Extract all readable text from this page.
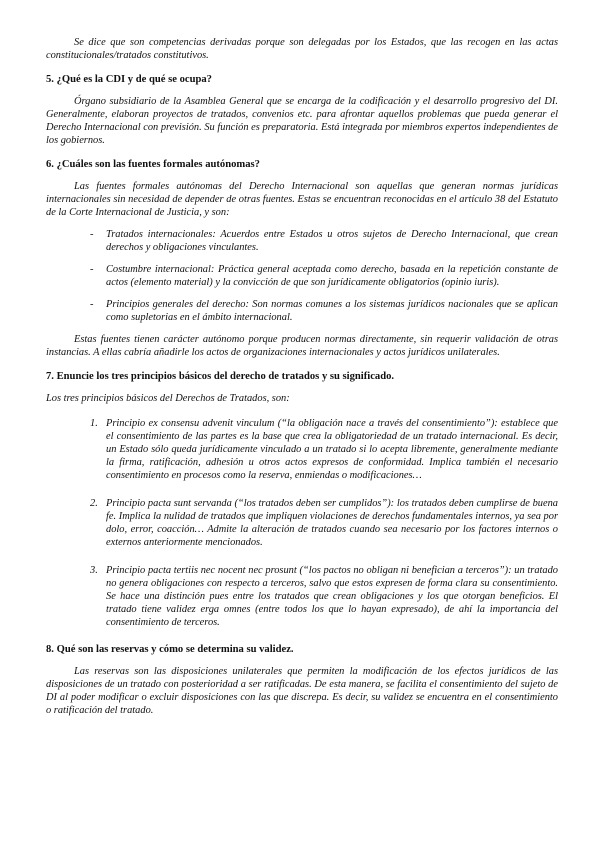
Se dice que son competencias derivadas porque son delegadas por los Estados, que las recogen en las actas constitucionales/tratados constitutivos.

5. ¿Qué es la CDI y de qué se ocupa?

Órgano subsidiario de la Asamblea General que se encarga de la codificación y el desarrollo progresivo del DI. Generalmente, elaboran proyectos de tratados, convenios etc. para afrontar aquellos problemas que pueda generar el Derecho Internacional con previsión. Su función es preparatoria. Está integrada por miembros expertos independientes de los gobiernos.

6. ¿Cuáles son las fuentes formales autónomas?

Las fuentes formales autónomas del Derecho Internacional son aquellas que generan normas jurídicas internacionales sin necesidad de depender de otras fuentes. Estas se encuentran reconocidas en el artículo 38 del Estatuto de la Corte Internacional de Justicia, y son:

- Tratados internacionales: Acuerdos entre Estados u otros sujetos de Derecho Internacional, que crean derechos y obligaciones vinculantes.
- Costumbre internacional: Práctica general aceptada como derecho, basada en la repetición constante de actos (elemento material) y la convicción de que son jurídicamente obligatorios (opinio iuris).
- Principios generales del derecho: Son normas comunes a los sistemas jurídicos nacionales que se aplican como supletorias en el ámbito internacional.

Estas fuentes tienen carácter autónomo porque producen normas directamente, sin requerir validación de otras instancias. A ellas cabría añadirle los actos de organizaciones internacionales y actos jurídicos unilaterales.

7. Enuncie los tres principios básicos del derecho de tratados y su significado.

Los tres principios básicos del Derechos de Tratados, son:

1. Principio ex consensu advenit vinculum (“la obligación nace a través del consentimiento”): establece que el consentimiento de las partes es la base que crea la obligatoriedad de un tratado internacional. Es decir, un Estado sólo queda jurídicamente vinculado a un tratado si lo acepta libremente, generalmente mediante la firma, ratificación, adhesión u otros actos expresos de conformidad. Implica también el necesario consentimiento en procesos como la reserva, enmiendas o modificaciones…
2. Principio pacta sunt servanda (“los tratados deben ser cumplidos”): los tratados deben cumplirse de buena fe. Implica la nulidad de tratados que impliquen violaciones de derechos fundamentales internos, ya sea por dolo, error, coacción… Admite la alteración de tratados cuando sea necesario por los factores internos o externos anteriormente mencionados.
3. Principio pacta tertiis nec nocent nec prosunt (“los pactos no obligan ni benefician a terceros”): un tratado no genera obligaciones con respecto a terceros, salvo que estos expresen de forma clara su consentimiento. Se hace una distinción pues entre los tratados que crean obligaciones y los que otorgan beneficios. El tratado tiene validez erga omnes (entre todos los que lo hayan expresado), de ahí la importancia del consentimiento de terceros.
8. Qué son las reservas y cómo se determina su validez.

Las reservas son las disposiciones unilaterales que permiten la modificación de los efectos jurídicos de las disposiciones de un tratado con posterioridad a ser ratificadas. De esta manera, se facilita el consentimiento del sujeto de DI al poder modificar o excluir disposiciones con las que discrepa. Es decir, su validez se encuentra en el consentimiento o ratificación del tratado.
